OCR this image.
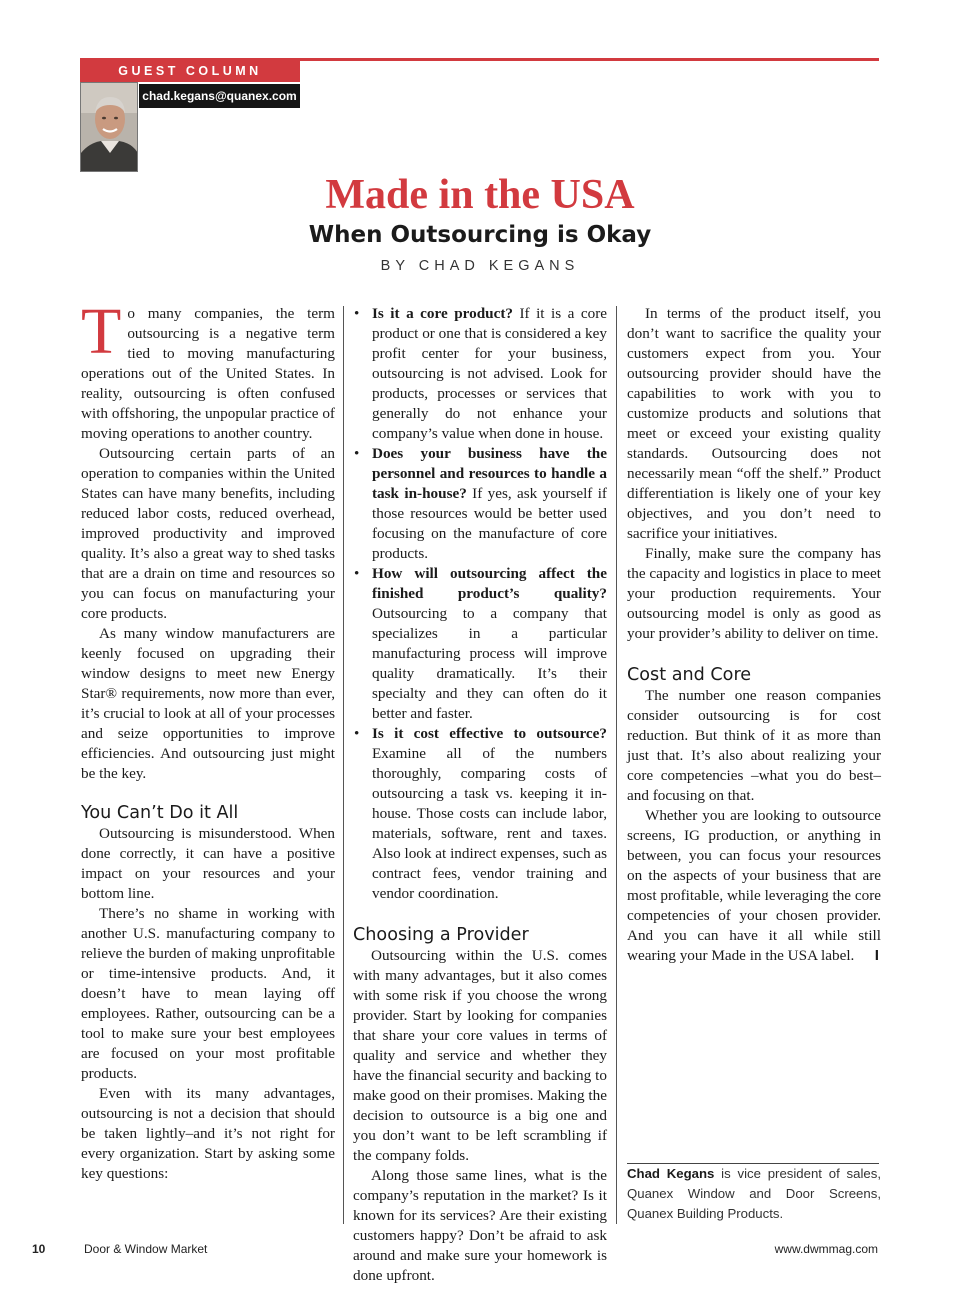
GUEST COLUMN
chad.kegans@quanex.com
Made in the USA
When Outsourcing is Okay
BY CHAD KEGANS

To many companies, the term outsourcing is a negative term tied to moving manufacturing operations out of the United States. In reality, outsourcing is often confused with offshoring, the unpopular practice of moving operations to another country.

Outsourcing certain parts of an operation to companies within the United States can have many benefits, including reduced labor costs, reduced overhead, improved productivity and improved quality. It’s also a great way to shed tasks that are a drain on time and resources so you can focus on manufacturing your core products.

As many window manufacturers are keenly focused on upgrading their window designs to meet new Energy Star® requirements, now more than ever, it’s crucial to look at all of your processes and seize opportunities to improve efficiencies. And outsourcing just might be the key.

You Can’t Do it All

Outsourcing is misunderstood. When done correctly, it can have a positive impact on your resources and your bottom line.

There’s no shame in working with another U.S. manufacturing company to relieve the burden of making unprofitable or time-intensive products. And, it doesn’t have to mean laying off employees. Rather, outsourcing can be a tool to make sure your best employees are focused on your most profitable products.

Even with its many advantages, outsourcing is not a decision that should be taken lightly–and it’s not right for every organization. Start by asking some key questions:

• Is it a core product? If it is a core product or one that is considered a key profit center for your business, outsourcing is not advised. Look for products, processes or services that generally do not enhance your company’s value when done in house.
• Does your business have the personnel and resources to handle a task in-house? If yes, ask yourself if those resources would be better used focusing on the manufacture of core products.
• How will outsourcing affect the finished product’s quality? Outsourcing to a company that specializes in a particular manufacturing process will improve quality dramatically. It’s their specialty and they can often do it better and faster.
• Is it cost effective to outsource? Examine all of the numbers thoroughly, comparing costs of outsourcing a task vs. keeping it in-house. Those costs can include labor, materials, software, rent and taxes. Also look at indirect expenses, such as contract fees, vendor training and vendor coordination.
Choosing a Provider

Outsourcing within the U.S. comes with many advantages, but it also comes with some risk if you choose the wrong provider. Start by looking for companies that share your core values in terms of quality and service and whether they have the financial security and backing to make good on their promises. Making the decision to outsource is a big one and you don’t want to be left scrambling if the company folds.

Along those same lines, what is the company’s reputation in the market? Is it known for its services? Are their existing customers happy? Don’t be afraid to ask around and make sure your homework is done upfront.

In terms of the product itself, you don’t want to sacrifice the quality your customers expect from you. Your outsourcing provider should have the capabilities to work with you to customize products and solutions that meet or exceed your existing quality standards. Outsourcing does not necessarily mean “off the shelf.” Product differentiation is likely one of your key objectives, and you don’t need to sacrifice your initiatives.

Finally, make sure the company has the capacity and logistics in place to meet your production requirements. Your outsourcing model is only as good as your provider’s ability to deliver on time.

Cost and Core

The number one reason companies consider outsourcing is for cost reduction. But think of it as more than just that. It’s also about realizing your core competencies –what you do best–and focusing on that.

Whether you are looking to outsource screens, IG production, or anything in between, you can focus your resources on the aspects of your business that are most profitable, while leveraging the core competencies of your chosen provider. And you can have it all while still wearing your Made in the USA label.	I

Chad Kegans is vice president of sales, Quanex Window and Door Screens, Quanex Building Products.
10	Door & Window Market	www.dwmmag.com
